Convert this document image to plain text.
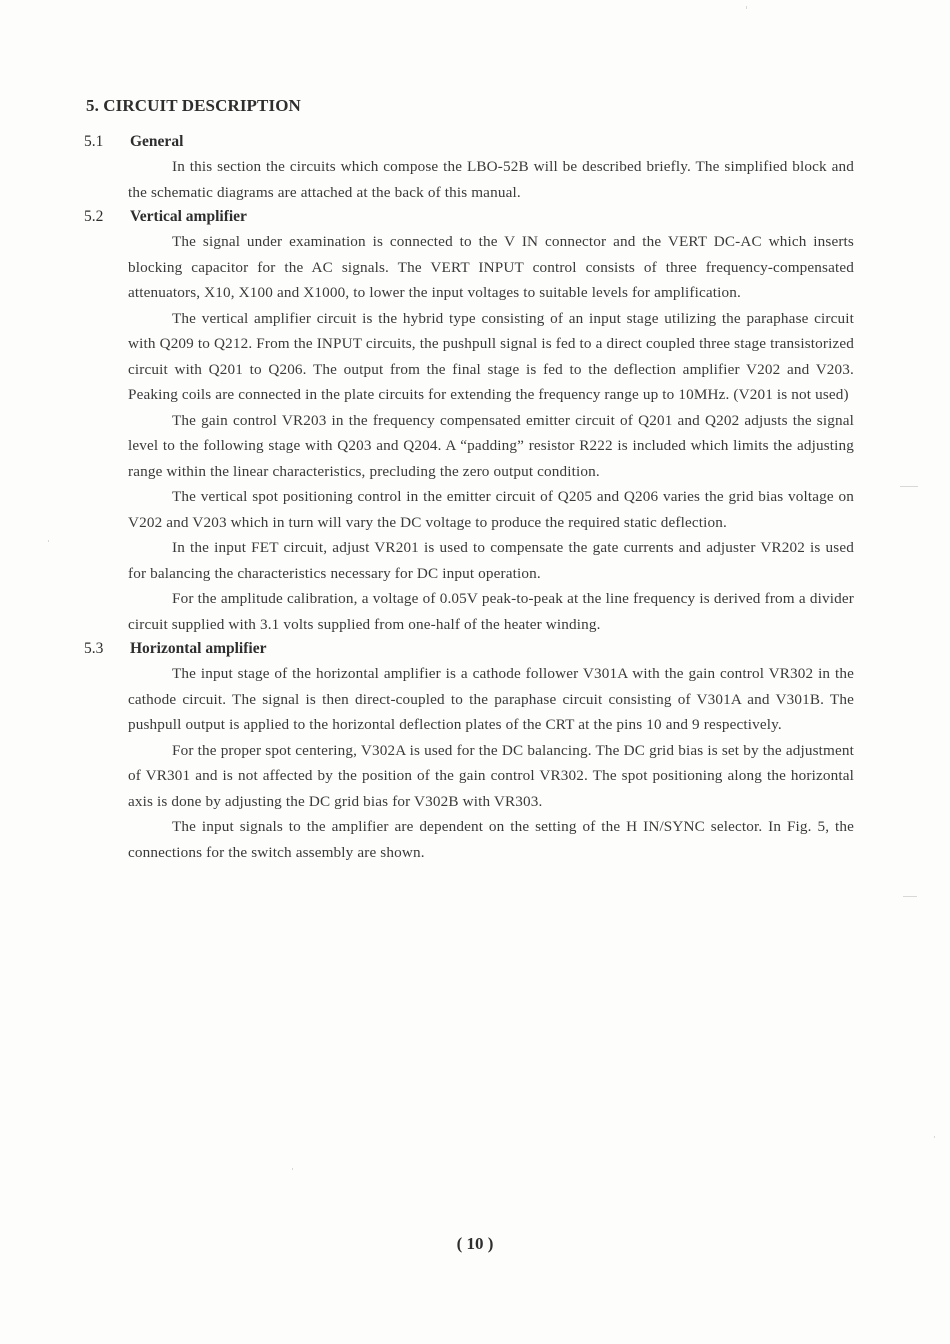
5. CIRCUIT DESCRIPTION
5.1	General

In this section the circuits which compose the LBO-52B will be described briefly. The simplified block and the schematic diagrams are attached at the back of this manual.

5.2	Vertical amplifier

The signal under examination is connected to the V IN connector and the VERT DC-AC which inserts blocking capacitor for the AC signals. The VERT INPUT control consists of three frequency-compensated attenuators, X10, X100 and X1000, to lower the input voltages to suitable levels for amplification.

The vertical amplifier circuit is the hybrid type consisting of an input stage utilizing the paraphase circuit with Q209 to Q212. From the INPUT circuits, the pushpull signal is fed to a direct coupled three stage transistorized circuit with Q201 to Q206. The output from the final stage is fed to the deflection amplifier V202 and V203. Peaking coils are connected in the plate circuits for extending the frequency range up to 10MHz. (V201 is not used)

The gain control VR203 in the frequency compensated emitter circuit of Q201 and Q202 adjusts the signal level to the following stage with Q203 and Q204. A “padding” resistor R222 is included which limits the adjusting range within the linear characteristics, precluding the zero output condition.

The vertical spot positioning control in the emitter circuit of Q205 and Q206 varies the grid bias voltage on V202 and V203 which in turn will vary the DC voltage to produce the required static deflection.

In the input FET circuit, adjust VR201 is used to compensate the gate currents and adjuster VR202 is used for balancing the characteristics necessary for DC input operation.

For the amplitude calibration, a voltage of 0.05V peak-to-peak at the line frequency is derived from a divider circuit supplied with 3.1 volts supplied from one-half of the heater winding.

5.3	Horizontal amplifier

The input stage of the horizontal amplifier is a cathode follower V301A with the gain control VR302 in the cathode circuit. The signal is then direct-coupled to the paraphase circuit consisting of V301A and V301B. The pushpull output is applied to the horizontal deflection plates of the CRT at the pins 10 and 9 respectively.

For the proper spot centering, V302A is used for the DC balancing. The DC grid bias is set by the adjustment of VR301 and is not affected by the position of the gain control VR302. The spot positioning along the horizontal axis is done by adjusting the DC grid bias for V302B with VR303.

The input signals to the amplifier are dependent on the setting of the H IN/SYNC selector. In Fig. 5, the connections for the switch assembly are shown.

( 10 )
